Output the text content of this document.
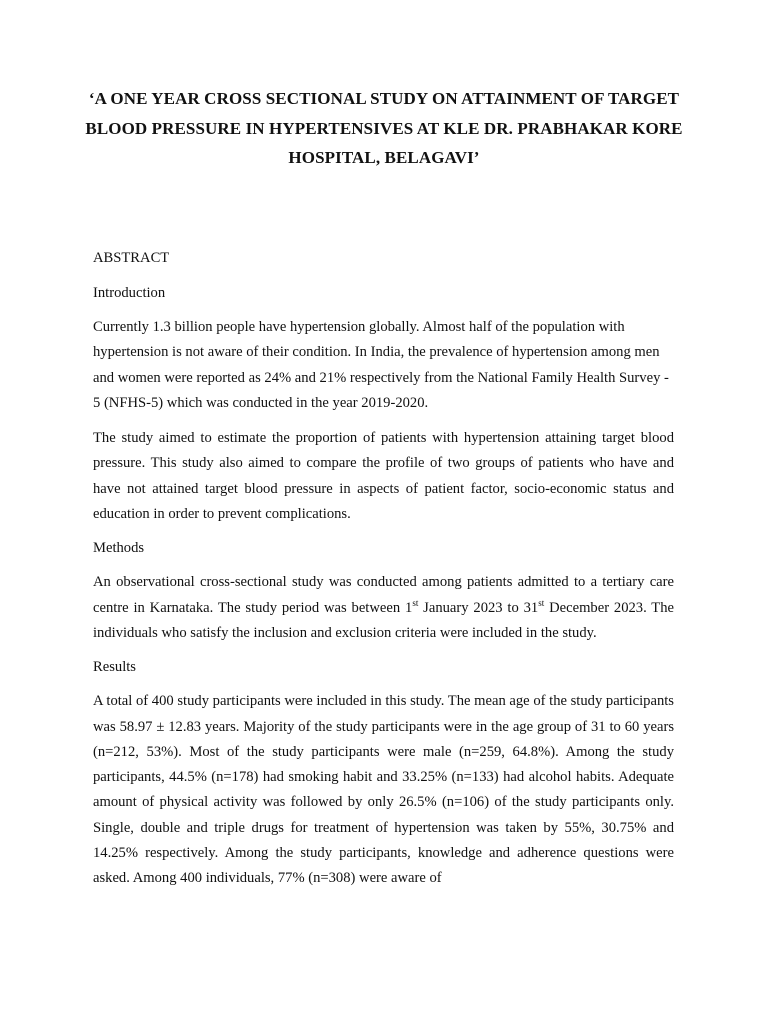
‘A ONE YEAR CROSS SECTIONAL STUDY ON ATTAINMENT OF TARGET BLOOD PRESSURE IN HYPERTENSIVES AT KLE DR. PRABHAKAR KORE HOSPITAL, BELAGAVI’

ABSTRACT

Introduction

Currently 1.3 billion people have hypertension globally. Almost half of the population with hypertension is not aware of their condition. In India, the prevalence of hypertension among men and women were reported as 24% and 21% respectively from the National Family Health Survey - 5 (NFHS-5) which was conducted in the year 2019-2020.

The study aimed to estimate the proportion of patients with hypertension attaining target blood pressure. This study also aimed to compare the profile of two groups of patients who have and have not attained target blood pressure in aspects of patient factor, socio-economic status and education in order to prevent complications.

Methods

An observational cross-sectional study was conducted among patients admitted to a tertiary care centre in Karnataka. The study period was between 1st January 2023 to 31st December 2023. The individuals who satisfy the inclusion and exclusion criteria were included in the study.

Results

A total of 400 study participants were included in this study. The mean age of the study participants was 58.97 ± 12.83 years. Majority of the study participants were in the age group of 31 to 60 years (n=212, 53%). Most of the study participants were male (n=259, 64.8%). Among the study participants, 44.5% (n=178) had smoking habit and 33.25% (n=133) had alcohol habits. Adequate amount of physical activity was followed by only 26.5% (n=106) of the study participants only. Single, double and triple drugs for treatment of hypertension was taken by 55%, 30.75% and 14.25% respectively. Among the study participants, knowledge and adherence questions were asked. Among 400 individuals, 77% (n=308) were aware of
